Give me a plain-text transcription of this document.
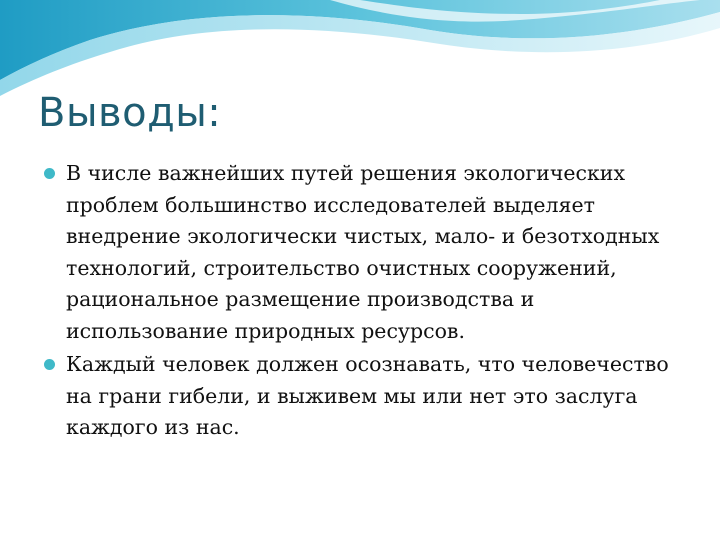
Выводы:
В числе важнейших путей решения экологических проблем большинство исследователей выделяет внедрение экологически чистых, мало- и безотходных технологий, строительство очистных сооружений, рациональное размещение производства и использование природных ресурсов.
Каждый человек должен осознавать, что человечество на грани гибели, и выживем мы или нет это заслуга каждого из нас.
